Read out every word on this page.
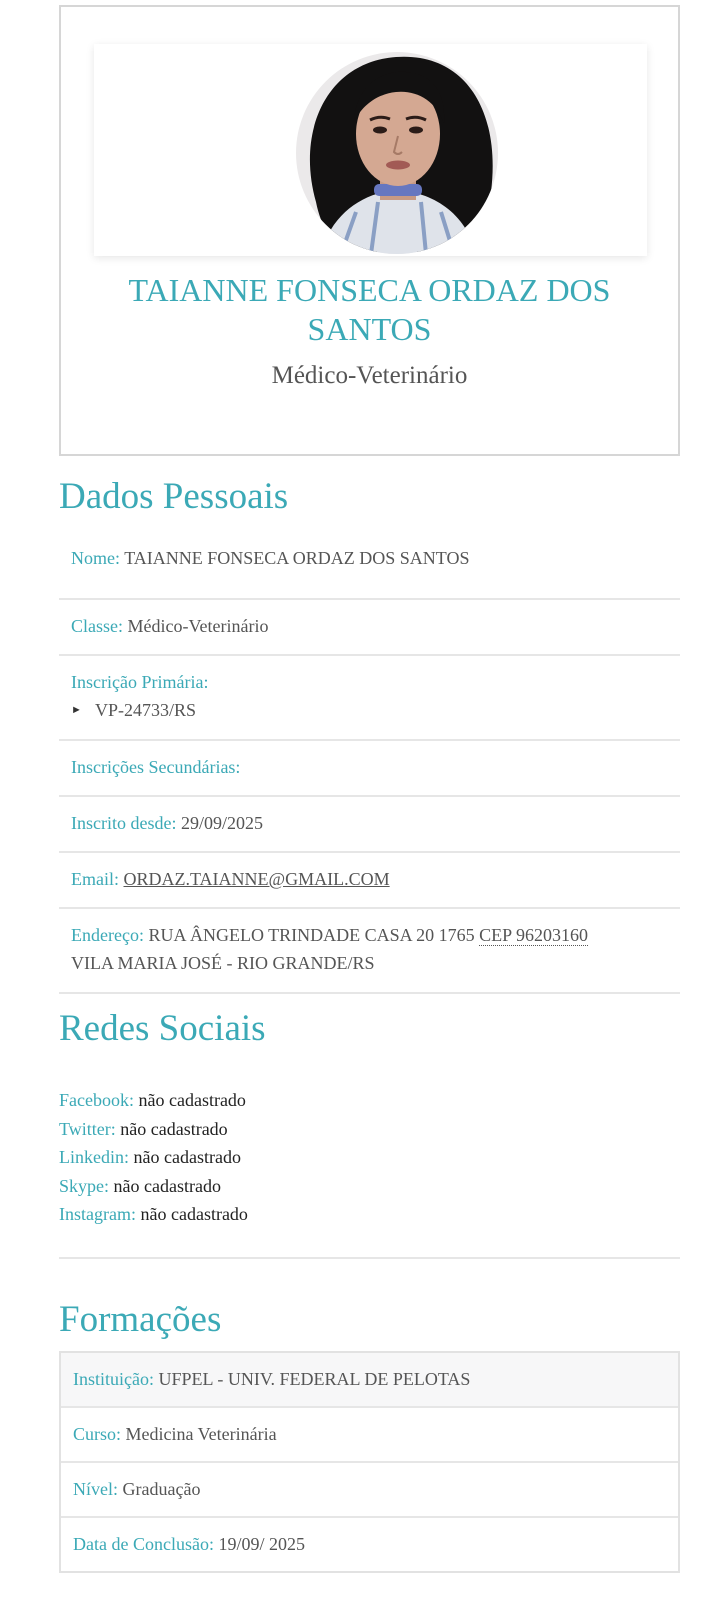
TAIANNE FONSECA ORDAZ DOS SANTOS
Médico-Veterinário
Dados Pessoais
Nome: TAIANNE FONSECA ORDAZ DOS SANTOS
Classe: Médico-Veterinário
Inscrição Primária:
► VP-24733/RS
Inscrições Secundárias:
Inscrito desde: 29/09/2025
Email: ORDAZ.TAIANNE@GMAIL.COM
Endereço: RUA ÂNGELO TRINDADE CASA 20 1765 CEP 96203160
VILA MARIA JOSÉ - RIO GRANDE/RS
Redes Sociais
Facebook: não cadastrado
Twitter: não cadastrado
Linkedin: não cadastrado
Skype: não cadastrado
Instagram: não cadastrado
Formações
Instituição:
UFPEL - UNIV. FEDERAL DE PELOTAS
Curso:
Medicina Veterinária
Nível:
Graduação
Data de Conclusão:
19/09/ 2025
